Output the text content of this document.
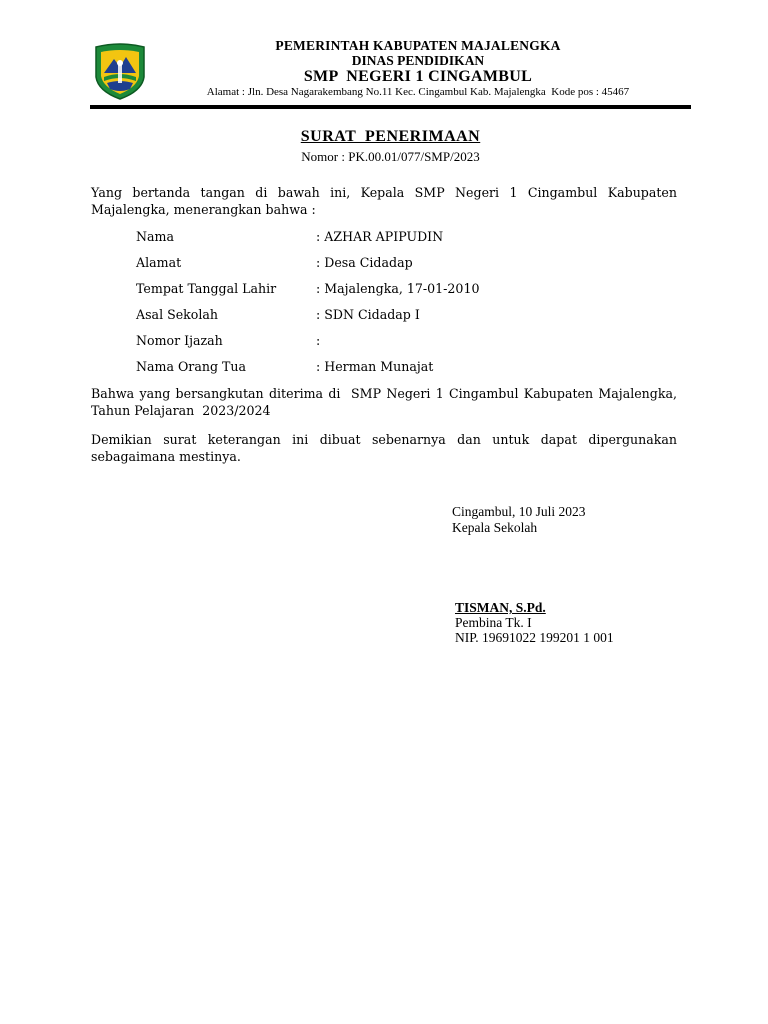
PEMERINTAH KABUPATEN MAJALENGKA
DINAS PENDIDIKAN
SMP  NEGERI 1 CINGAMBUL
Alamat : Jln. Desa Nagarakembang No.11 Kec. Cingambul Kab. Majalengka  Kode pos : 45467
SURAT  PENERIMAAN
Nomor : PK.00.01/077/SMP/2023
Yang bertanda tangan di bawah ini, Kepala SMP Negeri 1 Cingambul Kabupaten Majalengka, menerangkan bahwa :
Nama	: AZHAR APIPUDIN
Alamat	: Desa Cidadap
Tempat Tanggal Lahir	: Majalengka, 17-01-2010
Asal Sekolah	: SDN Cidadap I
Nomor Ijazah	:
Nama Orang Tua	: Herman Munajat
Bahwa yang bersangkutan diterima di  SMP Negeri 1 Cingambul Kabupaten Majalengka, Tahun Pelajaran  2023/2024
Demikian surat keterangan ini dibuat sebenarnya dan untuk dapat dipergunakan sebagaimana mestinya.
Cingambul, 10 Juli 2023
Kepala Sekolah
TISMAN, S.Pd.
Pembina Tk. I
NIP. 19691022 199201 1 001
